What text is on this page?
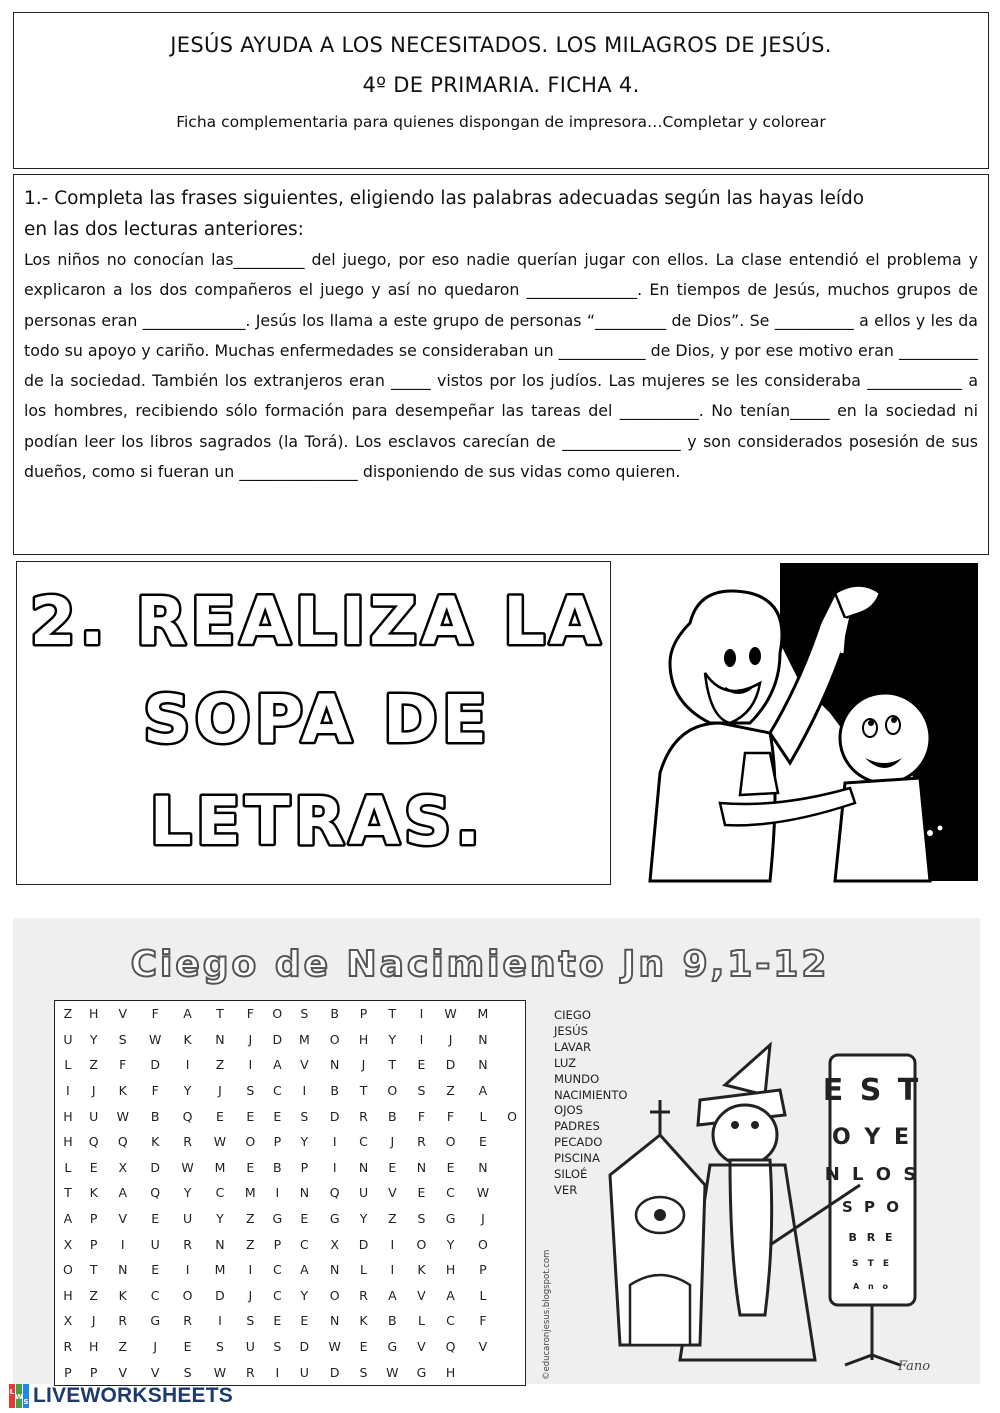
JESÚS AYUDA A LOS NECESITADOS. LOS MILAGROS DE JESÚS.
4º DE PRIMARIA. FICHA 4.
Ficha complementaria para quienes dispongan de impresora…Completar y colorear

1.- Completa las frases siguientes, eligiendo las palabras adecuadas según las hayas leído
en las dos lecturas anteriores:

Los niños no conocían las_________ del juego, por eso nadie querían jugar con ellos. La clase entendió el problema y explicaron a los dos compañeros el juego y así no quedaron ______________. En tiempos de Jesús, muchos grupos de personas eran _____________. Jesús los llama a este grupo de personas “_________ de Dios”. Se __________ a ellos y les da todo su apoyo y cariño. Muchas enfermedades se consideraban un ___________ de Dios, y por ese motivo eran __________ de la sociedad. También los extranjeros eran _____ vistos por los judíos. Las mujeres se les consideraba ____________ a los hombres, recibiendo sólo formación para desempeñar las tareas del __________. No tenían_____ en la sociedad ni podían leer los libros sagrados (la Torá). Los esclavos carecían de _______________ y son considerados posesión de sus dueños, como si fueran un _______________ disponiendo de sus vidas como quieren.

2. REALIZA LA
SOPA DE
LETRAS.
Ciego de Nacimiento Jn 9,1-12
Z	H	V	F	A	T	F	O	S	B	P	T	I	W	M	
U	Y	S	W	K	N	J	D	M	O	H	Y	I	J	N	
L	Z	F	D	I	Z	I	A	V	N	J	T	E	D	N	
I	J	K	F	Y	J	S	C	I	B	T	O	S	Z	A	
H	U	W	B	Q	E	E	E	S	D	R	B	F	F	L	O
H	Q	Q	K	R	W	O	P	Y	I	C	J	R	O	E	
L	E	X	D	W	M	E	B	P	I	N	E	N	E	N	
T	K	A	Q	Y	C	M	I	N	Q	U	V	E	C	W	
A	P	V	E	U	Y	Z	G	E	G	Y	Z	S	G	J	
X	P	I	U	R	N	Z	P	C	X	D	I	O	Y	O	
O	T	N	E	I	M	I	C	A	N	L	I	K	H	P	
H	Z	K	C	O	D	J	C	Y	O	R	A	V	A	L	
X	J	R	G	R	I	S	E	E	N	K	B	L	C	F	
R	H	Z	J	E	S	U	S	D	W	E	G	V	Q	V	
P	P	V	V	S	W	R	I	U	D	S	W	G	H		
E S T
O Y E
N L O S
S P O
B R E
S T E
A n o
Fano
CIEGO
JESÚS
LAVAR
LUZ
MUNDO
NACIMIENTO
OJOS
PADRES
PECADO
PISCINA
SILOÉ
VER
©educaronjesus.blogspot.com
L
W
S LIVEWORKSHEETS
